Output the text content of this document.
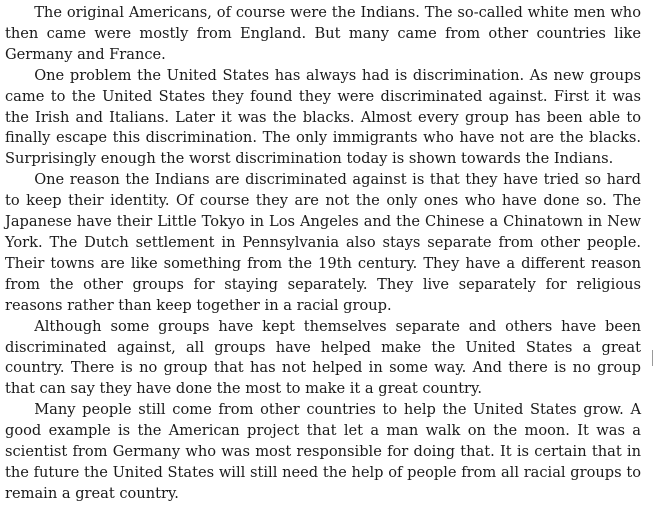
The original Americans, of course were the Indians. The so-called white men who then came were mostly from England. But many came from other countries like Germany and France.

One problem the United States has always had is discrimination. As new groups came to the United States they found they were discriminated against. First it was the Irish and Italians. Later it was the blacks. Almost every group has been able to finally escape this discrimination. The only immigrants who have not are the blacks. Surprisingly enough the worst discrimination today is shown towards the Indians.

One reason the Indians are discriminated against is that they have tried so hard to keep their identity. Of course they are not the only ones who have done so. The Japanese have their Little Tokyo in Los Angeles and the Chinese a Chinatown in New York. The Dutch settlement in Pennsylvania also stays separate from other people. Their towns are like something from the 19th century. They have a different reason from the other groups for staying separately. They live separately for religious reasons rather than keep together in a racial group.

Although some groups have kept themselves separate and others have been discriminated against, all groups have helped make the United States a great country. There is no group that has not helped in some way. And there is no group that can say they have done the most to make it a great country.

Many people still come from other countries to help the United States grow. A good example is the American project that let a man walk on the moon. It was a scientist from Germany who was most responsible for doing that. It is certain that in the future the United States will still need the help of people from all racial groups to remain a great country.
